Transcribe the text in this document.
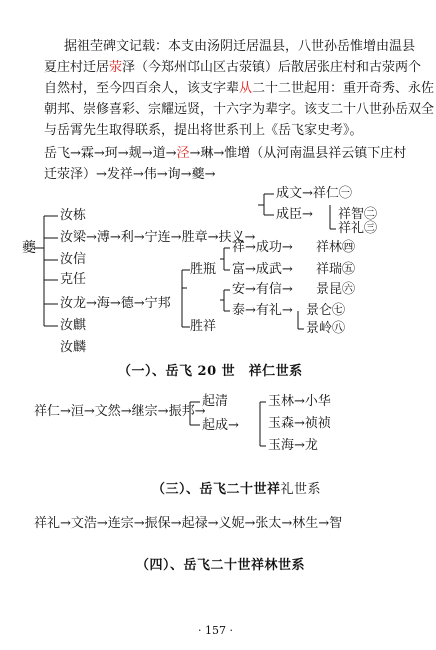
据祖茔碑文记载：本支由汤阴迁居温县，八世孙岳惟增由温县
夏庄村迁居荥泽（今郑州邙山区古荥镇）后散居张庄村和古荥两个
自然村，至今四百余人，该支字辈从二十二世起用：重开奇秀、永佐
朝邦、崇修喜彩、宗耀远贤，十六字为辈字。该支二十八世孙岳双全
与岳霄先生取得联系，提出将世系刊上《岳飞家史考》。
岳飞→霖→珂→觌→道→泾→琳→惟增（从河南温县祥云镇下庄村
迁荥泽）→发祥→伟→询→夔→
夔
汝栋
汝梁→溥→利→宁连→胜章→扶义→
汝信
克任
汝龙→海→德→宁邦
汝麒
汝麟
成文→祥仁㊀
成臣→ 祥智㊁
祥礼㊂
胜瓶
胜祥
祥→成功→ 祥林㊃
富→成武→ 祥瑞㊄
安→有信→ 景昆㊅
泰→有礼→ 景仑㊆
景岭㊇
（一）、岳飞 20 世　祥仁世系
祥仁→洹→文然→继宗→振邦→
起清
起成→
玉林→小华
玉森→祯祯
玉海→龙
（三）、岳飞二十世祥礼世系
祥礼→文浩→连宗→振保→起禄→义妮→张太→林生→智
（四）、岳飞二十世祥林世系
· 157 ·
